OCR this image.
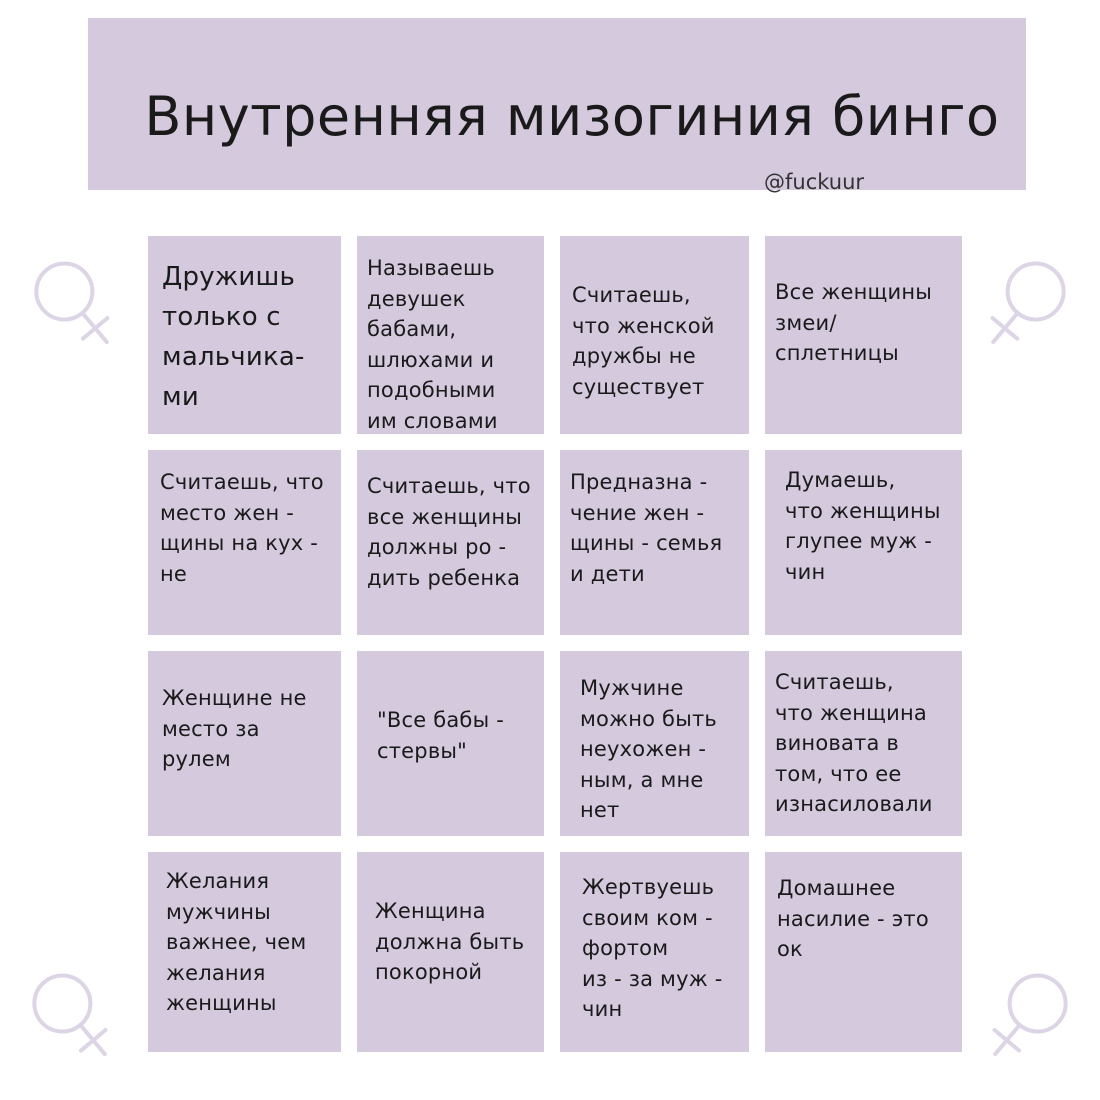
Внутренняя мизогиния бинго
@fuckuur
Дружишь
только с
мальчика-
ми
Называешь
девушек
бабами,
шлюхами и
подобными
им словами
Считаешь,
что женской
дружбы не
существует
Все женщины
змеи/
сплетницы
Считаешь, что
место жен -
щины на кух -
не
Считаешь, что
все женщины
должны ро -
дить ребенка
Предназна -
чение жен -
щины - семья
и дети
Думаешь,
что женщины
глупее муж -
чин
Женщине не
место за
рулем
"Все бабы -
стервы"
Мужчине
можно быть
неухожен -
ным, а мне
нет
Считаешь,
что женщина
виновата в
том, что ее
изнасиловали
Желания
мужчины
важнее, чем
желания
женщины
Женщина
должна быть
покорной
Жертвуешь
своим ком -
фортом
из - за муж -
чин
Домашнее
насилие - это
ок
